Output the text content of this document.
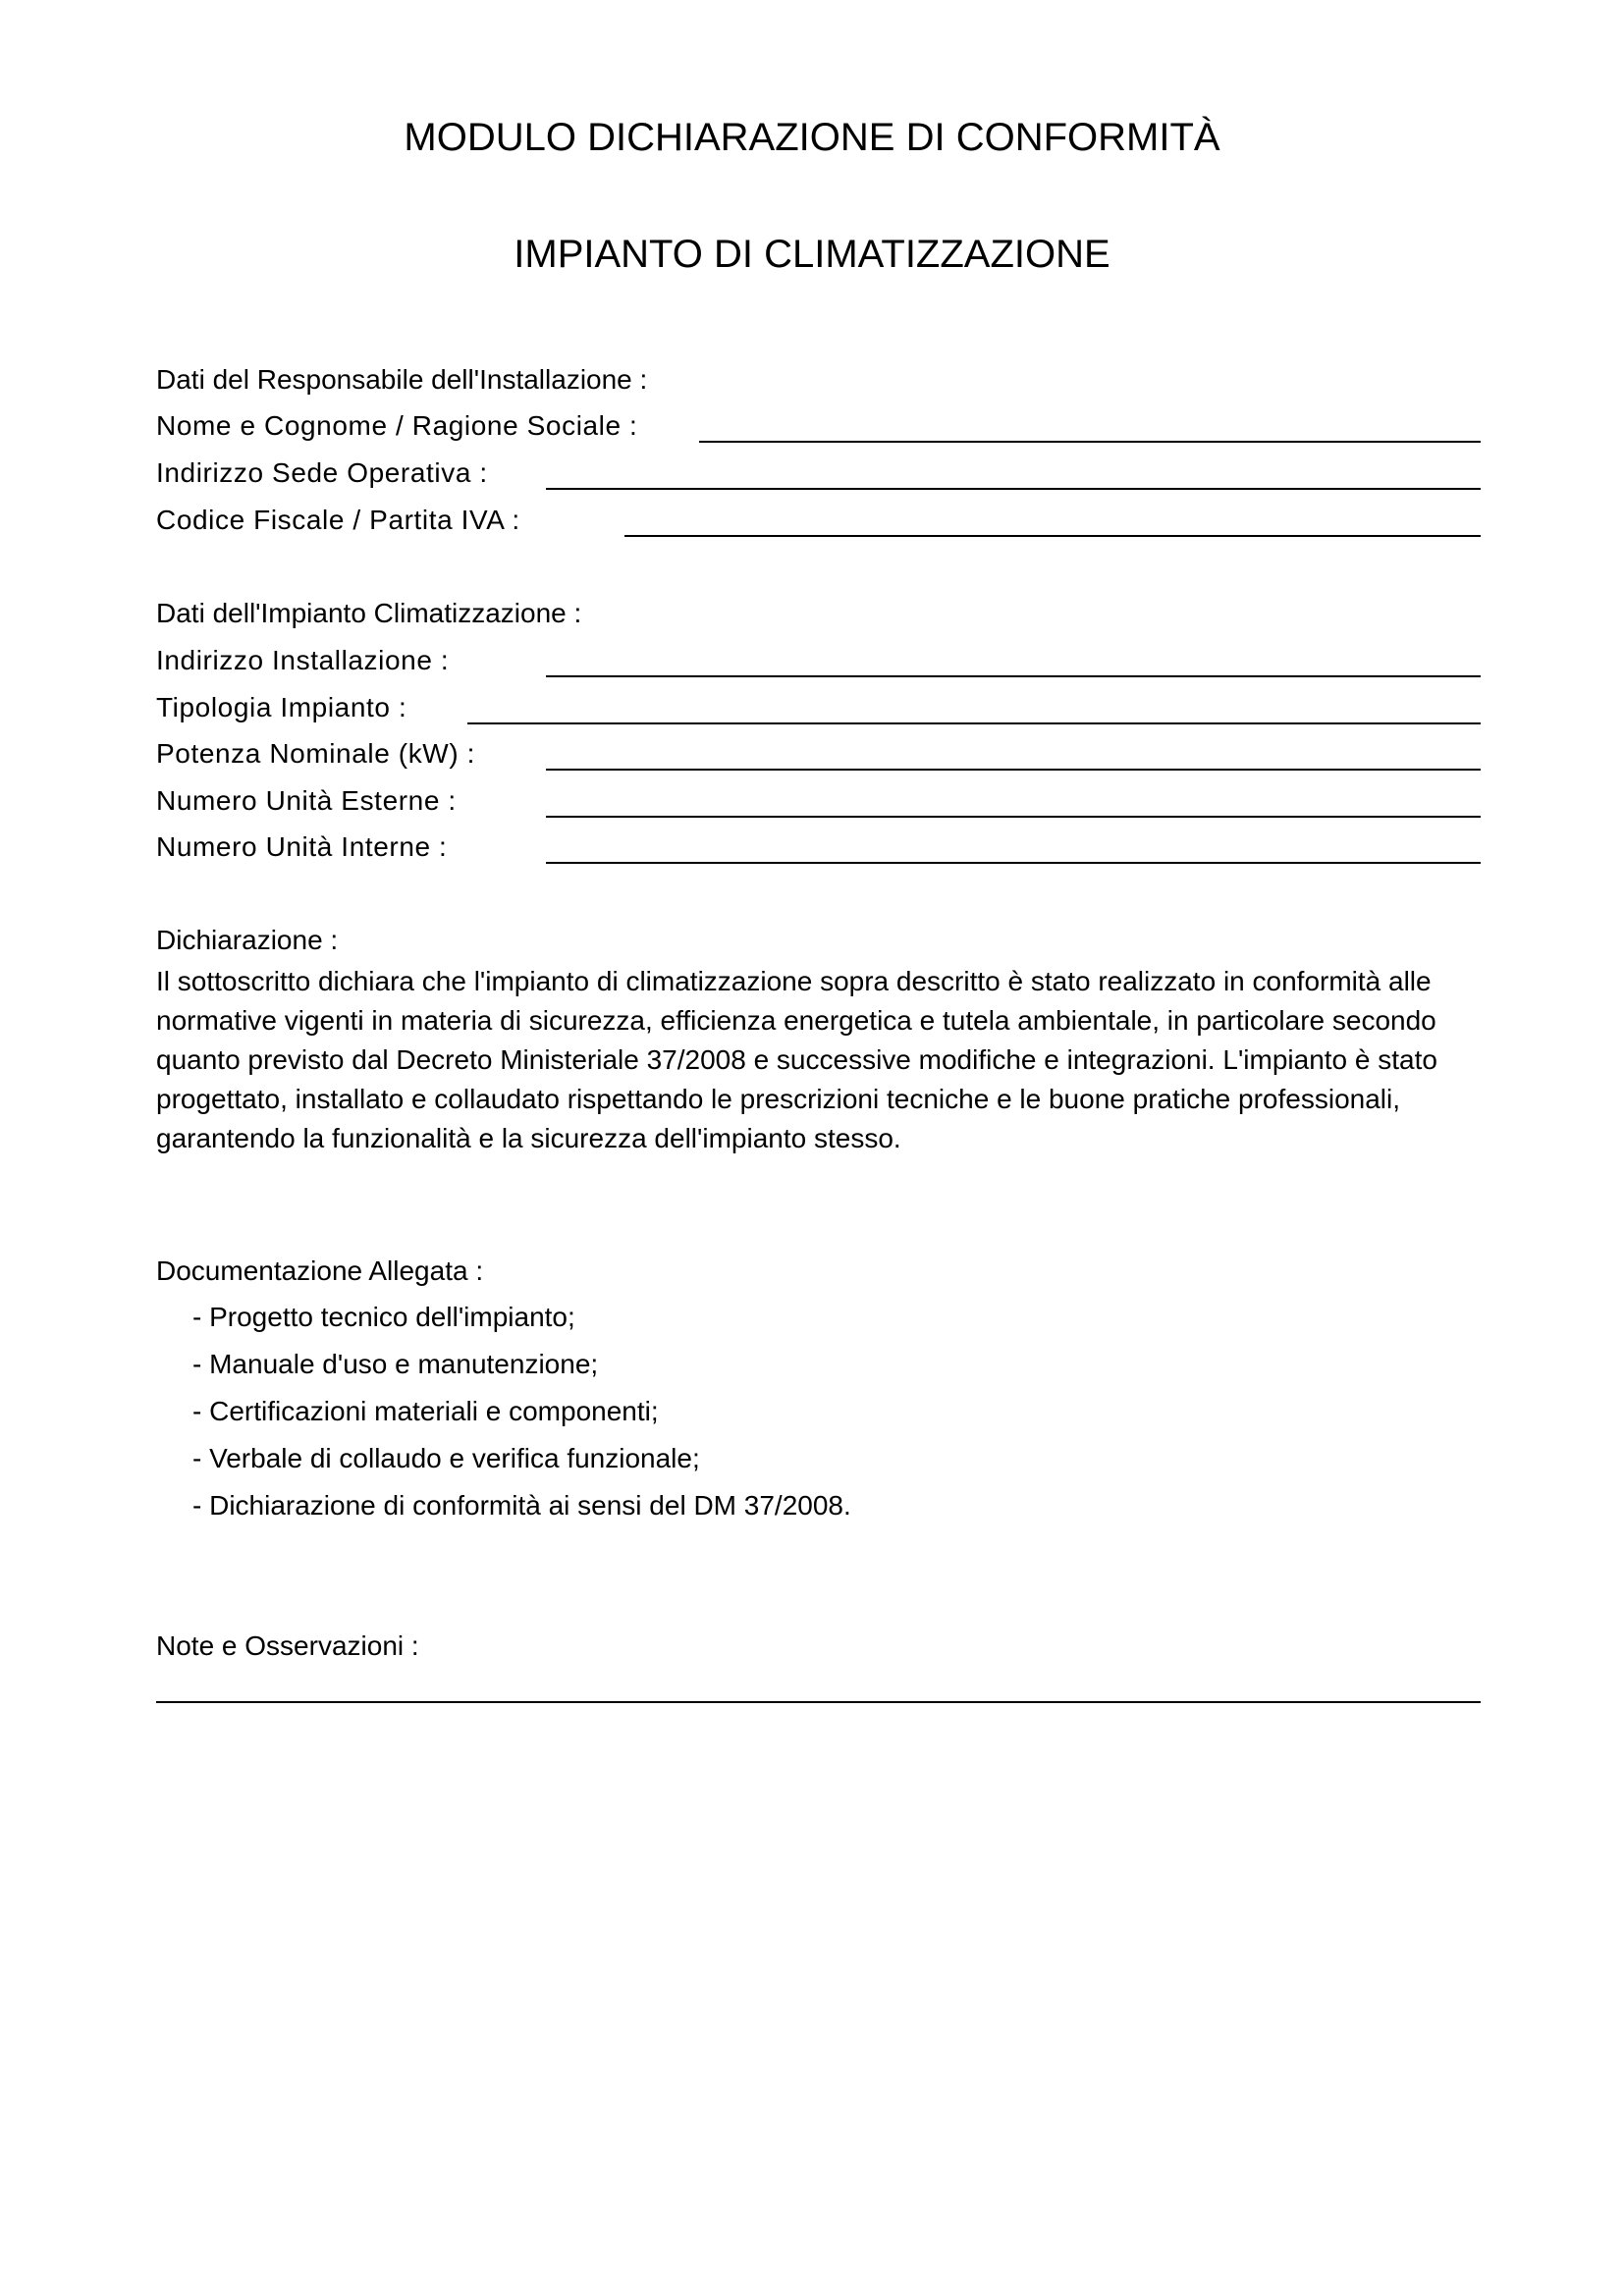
MODULO DICHIARAZIONE DI CONFORMITÀ
IMPIANTO DI CLIMATIZZAZIONE
Dati del Responsabile dell'Installazione :
Nome e Cognome / Ragione Sociale :
Indirizzo Sede Operativa :
Codice Fiscale / Partita IVA :
Dati dell'Impianto Climatizzazione :
Indirizzo Installazione :
Tipologia Impianto :
Potenza Nominale (kW) :
Numero Unità Esterne :
Numero Unità Interne :
Dichiarazione :
Il sottoscritto dichiara che l'impianto di climatizzazione sopra descritto è stato realizzato in conformità alle
normative vigenti in materia di sicurezza, efficienza energetica e tutela ambientale, in particolare secondo
quanto previsto dal Decreto Ministeriale 37/2008 e successive modifiche e integrazioni. L'impianto è stato
progettato, installato e collaudato rispettando le prescrizioni tecniche e le buone pratiche professionali,
garantendo la funzionalità e la sicurezza dell'impianto stesso.
Documentazione Allegata :
- Progetto tecnico dell'impianto;
- Manuale d'uso e manutenzione;
- Certificazioni materiali e componenti;
- Verbale di collaudo e verifica funzionale;
- Dichiarazione di conformità ai sensi del DM 37/2008.
Note e Osservazioni :
